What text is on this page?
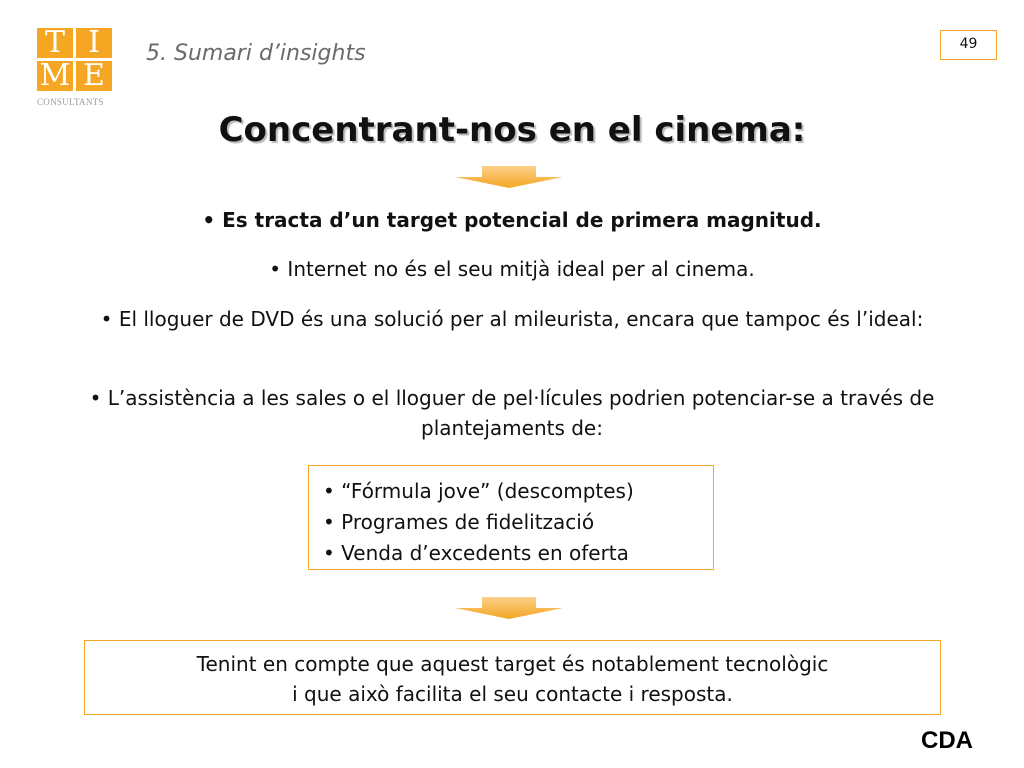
T I
M E
CONSULTANTS
5. Sumari d’insights	49
Concentrant-nos en el cinema:
• Es tracta d’un target potencial de primera magnitud.
• Internet no és el seu mitjà ideal per al cinema.
• El lloguer de DVD és una solució per al mileurista, encara que tampoc és l’ideal:
• L’assistència a les sales o el lloguer de pel·lícules podrien potenciar-se a través de plantejaments de:
• “Fórmula jove” (descomptes)
• Programes de fidelització
• Venda d’excedents en oferta
Tenint en compte que aquest target és notablement tecnològic
i que això facilita el seu contacte i resposta.
CDA
